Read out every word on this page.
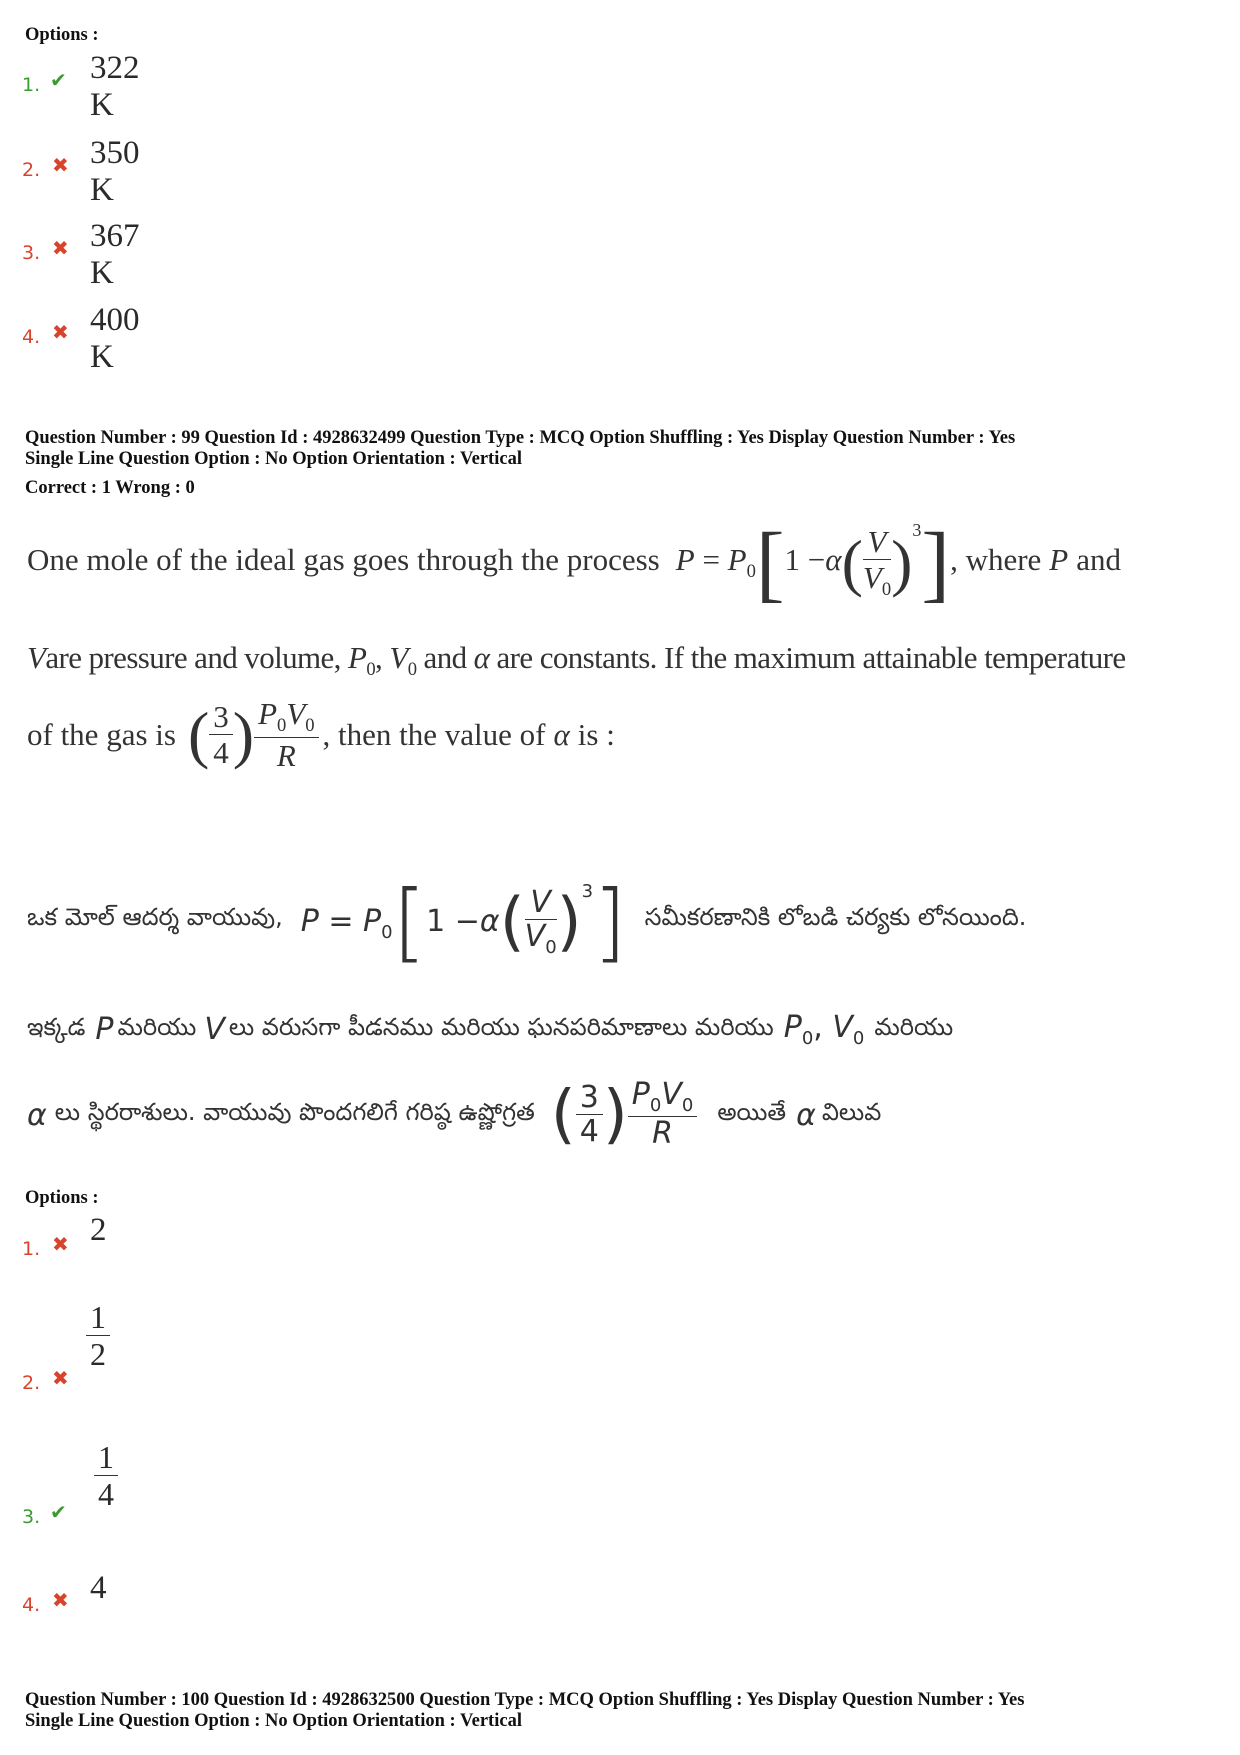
Options :
1. ✔ 322 K
2. ✖ 350 K
3. ✖ 367 K
4. ✖ 400 K
Question Number : 99 Question Id : 4928632499 Question Type : MCQ Option Shuffling : Yes Display Question Number : Yes
Single Line Question Option : No Option Orientation : Vertical
Correct : 1 Wrong : 0
One mole of the ideal gas goes through the process $P = P_0[1 -\alpha( \frac{V}{V_0} )^3]$ , where P and
Vare pressure and volume, $P_0$, $V_0$ and α are constants. If the maximum attainable temperature
of the gas is ( $\frac{3}{4}$ ) $\frac{P_0V_0}{R}$ , then the value of α is :
ఒక మోల్ ఆదర్శ వాయువు, $P = P_0[1 -\alpha( \frac{V}{V_0} )^3]$ సమీకరణానికి లోబడి చర్యకు లోనయింది.
ఇక్కడ P మరియు V లు వరుసగా పీడనము మరియు ఘనపరిమాణాలు మరియు $P_0$, $V_0$ మరియు
α లు స్థిరరాశులు. వాయువు పొందగలిగే గరిష్ఠ ఉష్ణోగ్రత ( $\frac{3}{4}$ ) $\frac{P_0V_0}{R}$ అయితే α విలువ
Options :
1. ✖ 2
2. ✖
$\frac{1}{2}$
3. ✔ $\frac{1}{4}$
4. ✖ 4
Question Number : 100 Question Id : 4928632500 Question Type : MCQ Option Shuffling : Yes Display Question Number : Yes
Single Line Question Option : No Option Orientation : Vertical
